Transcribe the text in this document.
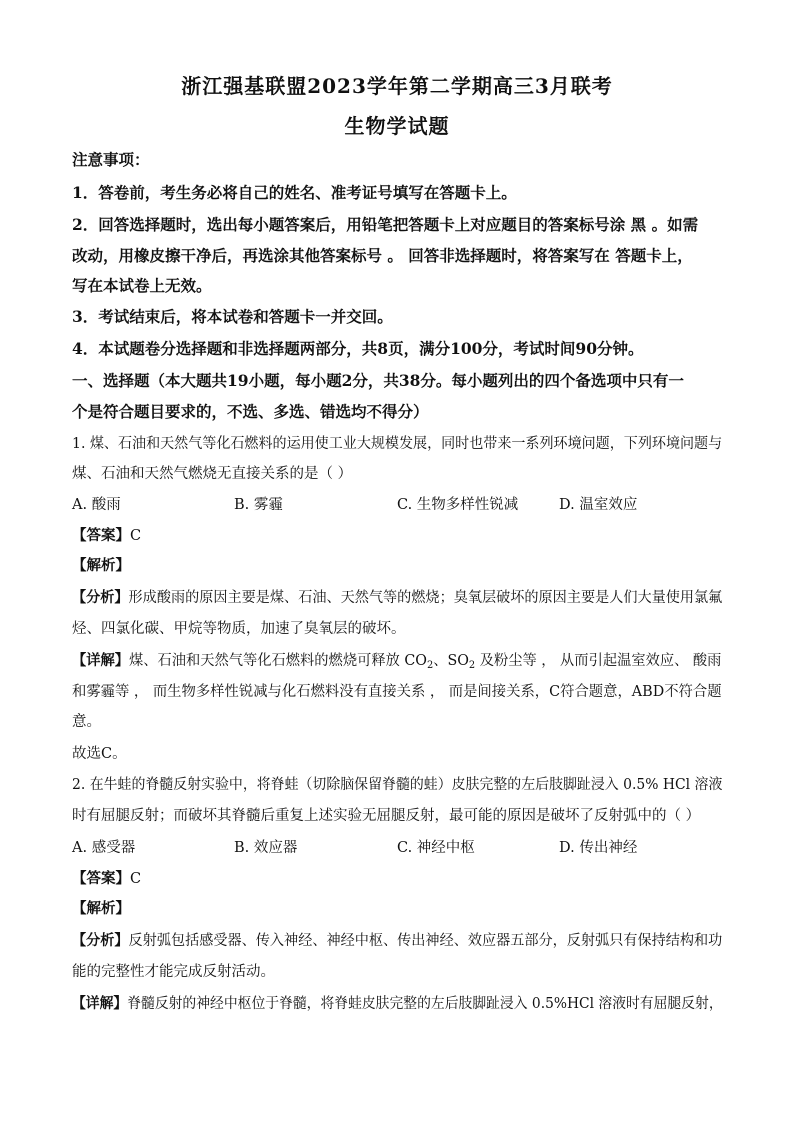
浙江强基联盟2023学年第二学期高三3月联考
生物学试题
注意事项：
1．答卷前，考生务必将自己的姓名、准考证号填写在答题卡上。
2．回答选择题时，选出每小题答案后，用铅笔把答题卡上对应题目的答案标号涂 黑 。如需
改动，用橡皮擦干净后，再选涂其他答案标号 。 回答非选择题时，将答案写在 答题卡上，
写在本试卷上无效。
3．考试结束后，将本试卷和答题卡一并交回。
4．本试题卷分选择题和非选择题两部分，共8页，满分100分，考试时间90分钟。
一、选择题（本大题共19小题，每小题2分，共38分。每小题列出的四个备选项中只有一
个是符合题目要求的，不选、多选、错选均不得分）
1. 煤、石油和天然气等化石燃料的运用使工业大规模发展，同时也带来一系列环境问题，下列环境问题与
煤、石油和天然气燃烧无直接关系的是（ ）
A. 酸雨	B. 雾霾	C. 生物多样性锐减	D. 温室效应
【答案】C
【解析】
【分析】形成酸雨的原因主要是煤、石油、天然气等的燃烧；臭氧层破坏的原因主要是人们大量使用氯氟
烃、四氯化碳、甲烷等物质，加速了臭氧层的破坏。
【详解】煤、石油和天然气等化石燃料的燃烧可释放 $CO_2$、$SO_2$ 及粉尘等 ， 从而引起温室效应、 酸雨
和雾霾等 ， 而生物多样性锐减与化石燃料没有直接关系 ， 而是间接关系，C符合题意，ABD不符合题
意。
故选C。
2. 在牛蛙的脊髓反射实验中，将脊蛙（切除脑保留脊髓的蛙）皮肤完整的左后肢脚趾浸入 0.5% HCl 溶液
时有屈腿反射；而破坏其脊髓后重复上述实验无屈腿反射，最可能的原因是破坏了反射弧中的（ ）
A. 感受器	B. 效应器	C. 神经中枢	D. 传出神经
【答案】C
【解析】
【分析】反射弧包括感受器、传入神经、神经中枢、传出神经、效应器五部分，反射弧只有保持结构和功
能的完整性才能完成反射活动。
【详解】脊髓反射的神经中枢位于脊髓，将脊蛙皮肤完整的左后肢脚趾浸入 0.5%HCl 溶液时有屈腿反射，
